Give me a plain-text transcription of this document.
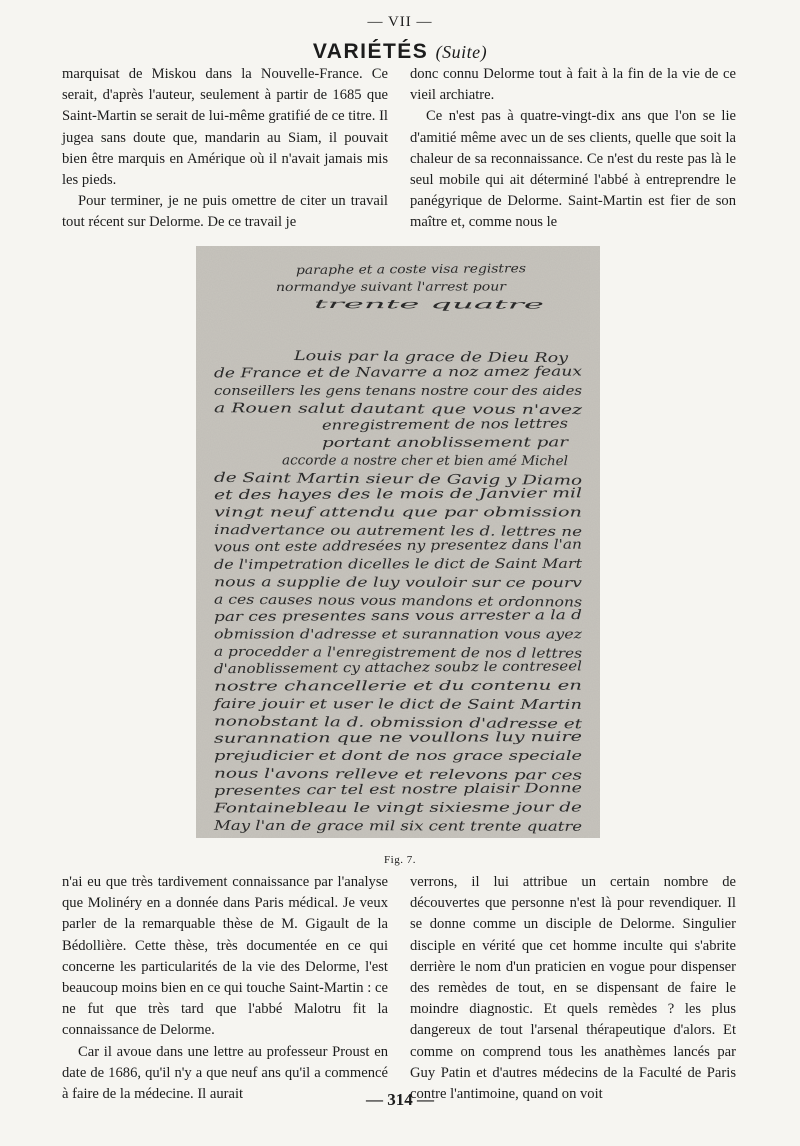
— VII —
VARIÉTÉS (Suite)

marquisat de Miskou dans la Nouvelle-France. Ce serait, d'après l'auteur, seulement à partir de 1685 que Saint-Martin se serait de lui-même gratifié de ce titre. Il jugea sans doute que, mandarin au Siam, il pouvait bien être marquis en Amérique où il n'avait jamais mis les pieds.

Pour terminer, je ne puis omettre de citer un travail tout récent sur Delorme. De ce travail je

donc connu Delorme tout à fait à la fin de la vie de ce vieil archiatre.

Ce n'est pas à quatre-vingt-dix ans que l'on se lie d'amitié même avec un de ses clients, quelle que soit la chaleur de sa reconnaissance. Ce n'est du reste pas là le seul mobile qui ait déterminé l'abbé à entreprendre le panégyrique de Delorme. Saint-Martin est fier de son maître et, comme nous le

paraphe et a coste visa registres
normandye suivant l'arrest pour
trente quatre
Louis par la grace de Dieu Roy
de France et de Navarre a noz amez feaux
conseillers les gens tenans nostre cour des aides
a Rouen salut dautant que vous n'avez
enregistrement de nos lettres
portant anoblissement par
accorde a nostre cher et bien amé Michel
de Saint Martin sieur de Gavig y Diamo
et des hayes des le mois de Janvier mil
vingt neuf attendu que par obmission
inadvertance ou autrement les d. lettres ne
vous ont este addresées ny presentez dans l'an
de l'impetration dicelles le dict de Saint Mart
nous a supplie de luy vouloir sur ce pourv
a ces causes nous vous mandons et ordonnons
par ces presentes sans vous arrester a la d
obmission d'adresse et surannation vous ayez
a procedder a l'enregistrement de nos d lettres
d'anoblissement cy attachez soubz le contreseel
nostre chancellerie et du contenu en
faire jouir et user le dict de Saint Martin
nonobstant la d. obmission d'adresse et
surannation que ne voullons luy nuire
prejudicier et dont de nos grace speciale
nous l'avons relleve et relevons par ces
presentes car tel est nostre plaisir Donne
Fontainebleau le vingt sixiesme jour de
May l'an de grace mil six cent trente quatre
Fig. 7.

n'ai eu que très tardivement connaissance par l'analyse que Molinéry en a donnée dans Paris médical. Je veux parler de la remarquable thèse de M. Gigault de la Bédollière. Cette thèse, très documentée en ce qui concerne les particularités de la vie des Delorme, l'est beaucoup moins bien en ce qui touche Saint-Martin : ce ne fut que très tard que l'abbé Malotru fit la connaissance de Delorme.

Car il avoue dans une lettre au professeur Proust en date de 1686, qu'il n'y a que neuf ans qu'il a commencé à faire de la médecine. Il aurait

verrons, il lui attribue un certain nombre de découvertes que personne n'est là pour revendiquer. Il se donne comme un disciple de Delorme. Singulier disciple en vérité que cet homme inculte qui s'abrite derrière le nom d'un praticien en vogue pour dispenser des remèdes de tout, en se dispensant de faire le moindre diagnostic. Et quels remèdes ? les plus dangereux de tout l'arsenal thérapeutique d'alors. Et comme on comprend tous les anathèmes lancés par Guy Patin et d'autres médecins de la Faculté de Paris contre l'antimoine, quand on voit

— 314 —
